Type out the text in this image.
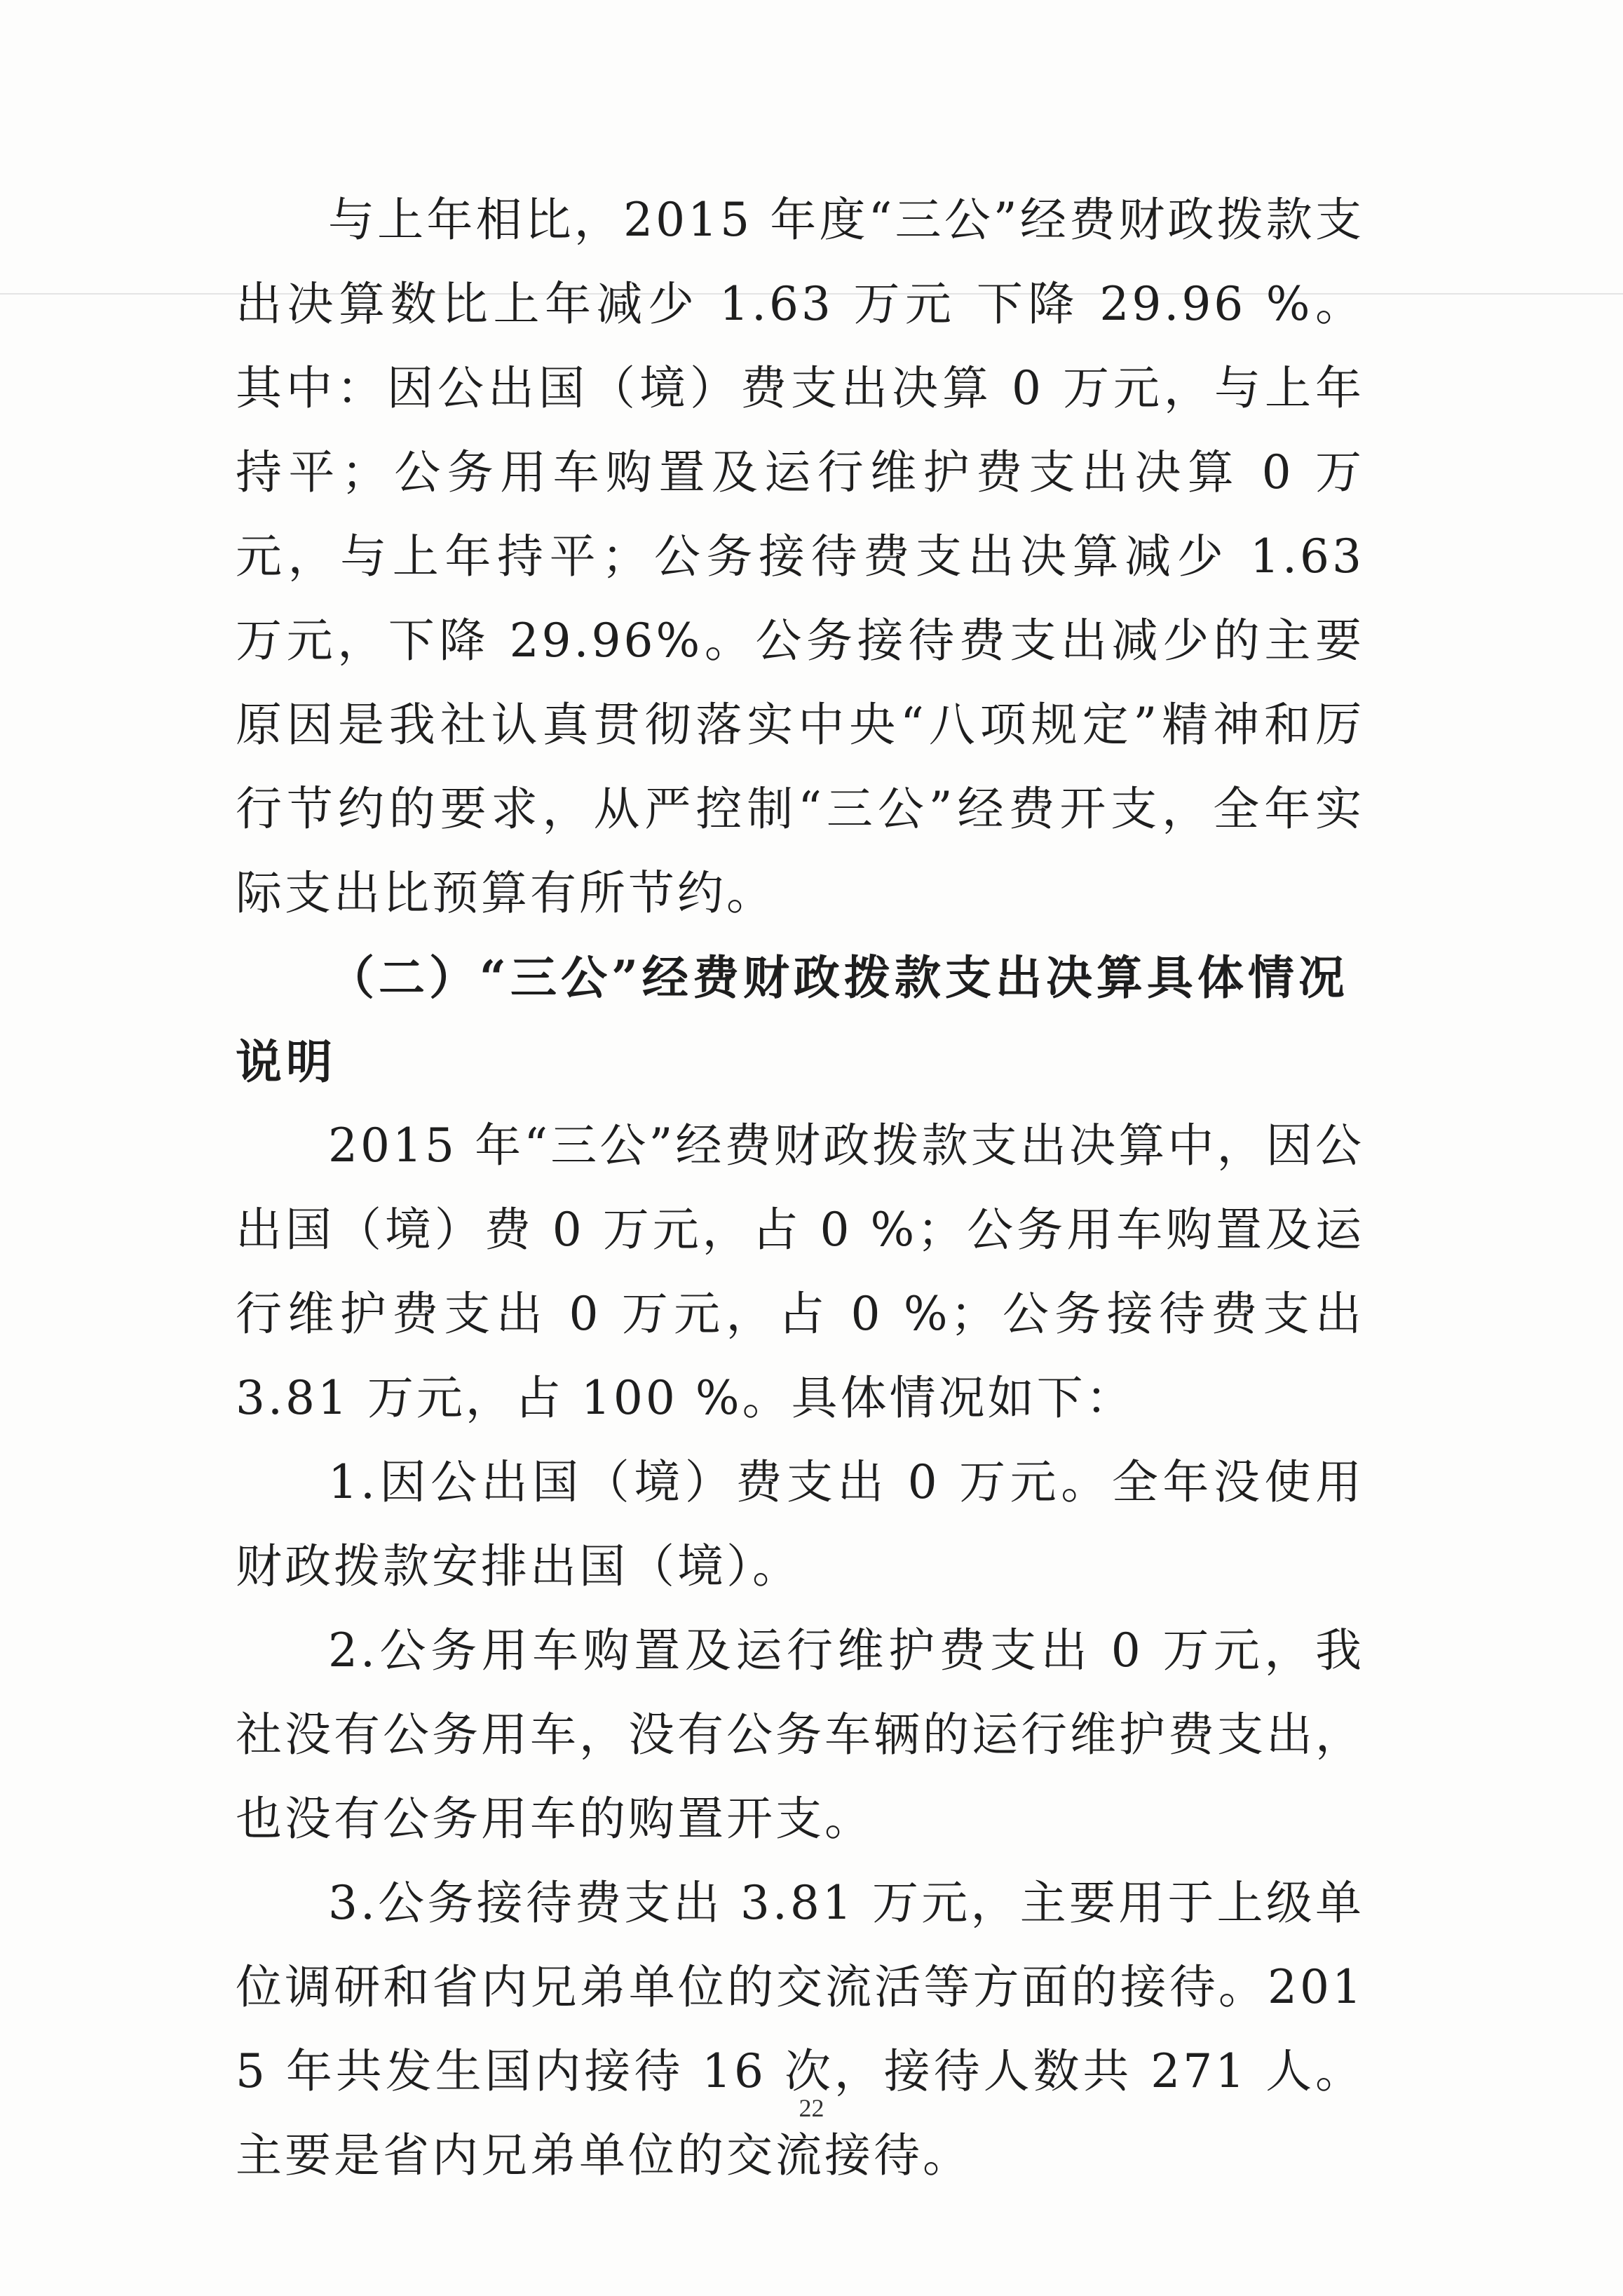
与上年相比，2015 年度“三公”经费财政拨款支出决算数比上年减少 1.63 万元 下降 29.96 %。其中：因公出国（境）费支出决算 0 万元，与上年持平；公务用车购置及运行维护费支出决算 0 万元，与上年持平；公务接待费支出决算减少 1.63 万元，下降 29.96%。公务接待费支出减少的主要原因是我社认真贯彻落实中央“八项规定”精神和厉行节约的要求，从严控制“三公”经费开支，全年实际支出比预算有所节约。

（二）“三公”经费财政拨款支出决算具体情况说明

2015 年“三公”经费财政拨款支出决算中，因公出国（境）费 0 万元，占 0 %；公务用车购置及运行维护费支出 0 万元，占 0 %；公务接待费支出 3.81 万元，占 100 %。具体情况如下：

1.因公出国（境）费支出 0 万元。全年没使用财政拨款安排出国（境）。

2.公务用车购置及运行维护费支出 0 万元，我社没有公务用车，没有公务车辆的运行维护费支出，也没有公务用车的购置开支。

3.公务接待费支出 3.81 万元，主要用于上级单位调研和省内兄弟单位的交流活等方面的接待。2015 年共发生国内接待 16 次，接待人数共 271 人。主要是省内兄弟单位的交流接待。

22
